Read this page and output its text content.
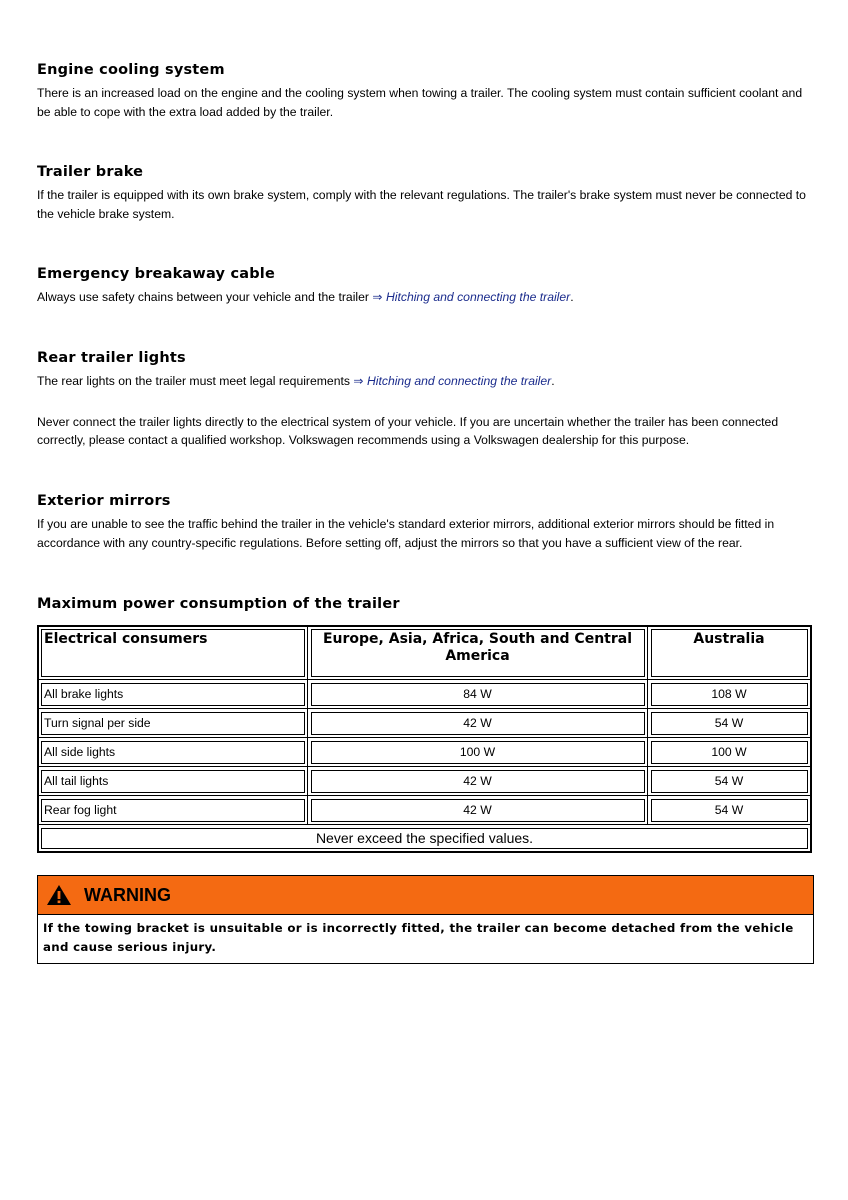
Engine cooling system

There is an increased load on the engine and the cooling system when towing a trailer. The cooling system must contain sufficient coolant and be able to cope with the extra load added by the trailer.

Trailer brake

If the trailer is equipped with its own brake system, comply with the relevant regulations. The trailer's brake system must never be connected to the vehicle brake system.

Emergency breakaway cable

Always use safety chains between your vehicle and the trailer ⇒ Hitching and connecting the trailer.

Rear trailer lights

The rear lights on the trailer must meet legal requirements ⇒ Hitching and connecting the trailer.

Never connect the trailer lights directly to the electrical system of your vehicle. If you are uncertain whether the trailer has been connected correctly, please contact a qualified workshop. Volkswagen recommends using a Volkswagen dealership for this purpose.

Exterior mirrors

If you are unable to see the traffic behind the trailer in the vehicle's standard exterior mirrors, additional exterior mirrors should be fitted in accordance with any country-specific regulations. Before setting off, adjust the mirrors so that you have a sufficient view of the rear.

Maximum power consumption of the trailer
Electrical consumers	Europe, Asia, Africa, South and Central America	Australia
All brake lights	84 W	108 W
Turn signal per side	42 W	54 W
All side lights	100 W	100 W
All tail lights	42 W	54 W
Rear fog light	42 W	54 W
Never exceed the specified values.		
WARNING
If the towing bracket is unsuitable or is incorrectly fitted, the trailer can become detached from the vehicle and cause serious injury.
